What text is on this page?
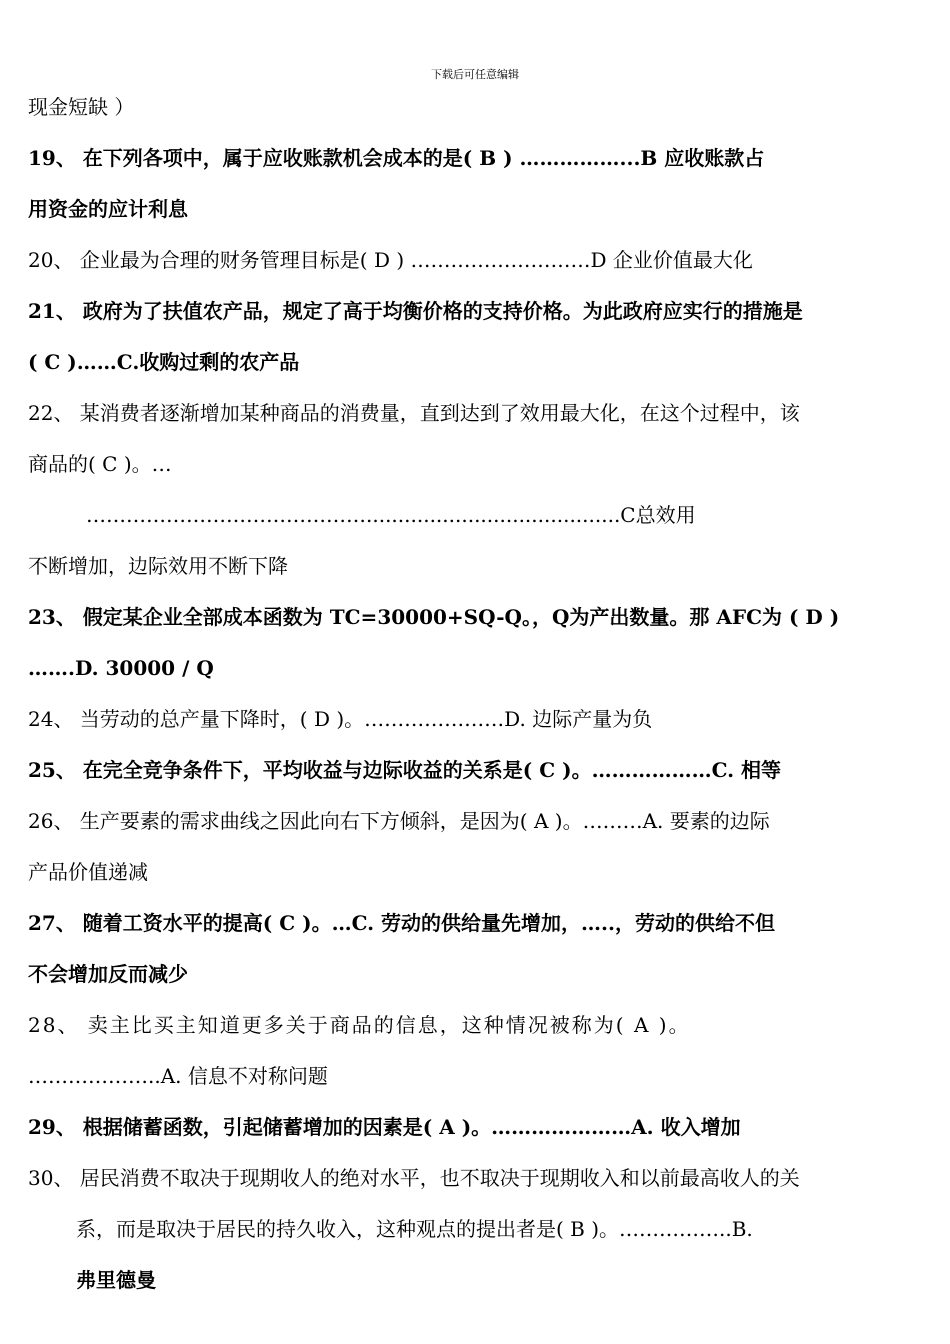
下载后可任意编辑
现金短缺 ）
19、 在下列各项中，属于应收账款机会成本的是( B ) ……………...B 应收账款占
用资金的应计利息
20、 企业最为合理的财务管理目标是( D ) ………………………D 企业价值最大化
21、 政府为了扶值农产品，规定了高于均衡价格的支持价格。为此政府应实行的措施是
( C )……C.收购过剩的农产品
22、 某消费者逐渐增加某种商品的消费量，直到达到了效用最大化，在这个过程中，该
商品的( C )。…
……………………………………........................................C总效用
不断增加，边际效用不断下降
23、 假定某企业全部成本函数为 TC=30000+SQ-Q。，Q为产出数量。那 AFC为 ( D )
…….D. 30000 / Q
24、 当劳动的总产量下降时，( D )。…………………D. 边际产量为负
25、 在完全竞争条件下，平均收益与边际收益的关系是( C )。………………C. 相等
26、 生产要素的需求曲线之因此向右下方倾斜，是因为( A )。………A. 要素的边际
产品价值递减
27、 随着工资水平的提高( C )。…C. 劳动的供给量先增加，…..，劳动的供给不但
不会增加反而减少
28、 卖主比买主知道更多关于商品的信息，这种情况被称为( A )。
………………..A. 信息不对称问题
29、 根据储蓄函数，引起储蓄增加的因素是( A )。…………………A. 收入增加
30、 居民消费不取决于现期收人的绝对水平，也不取决于现期收入和以前最高收人的关
系，而是取决于居民的持久收入，这种观点的提出者是( B )。……………..B.
弗里德曼
